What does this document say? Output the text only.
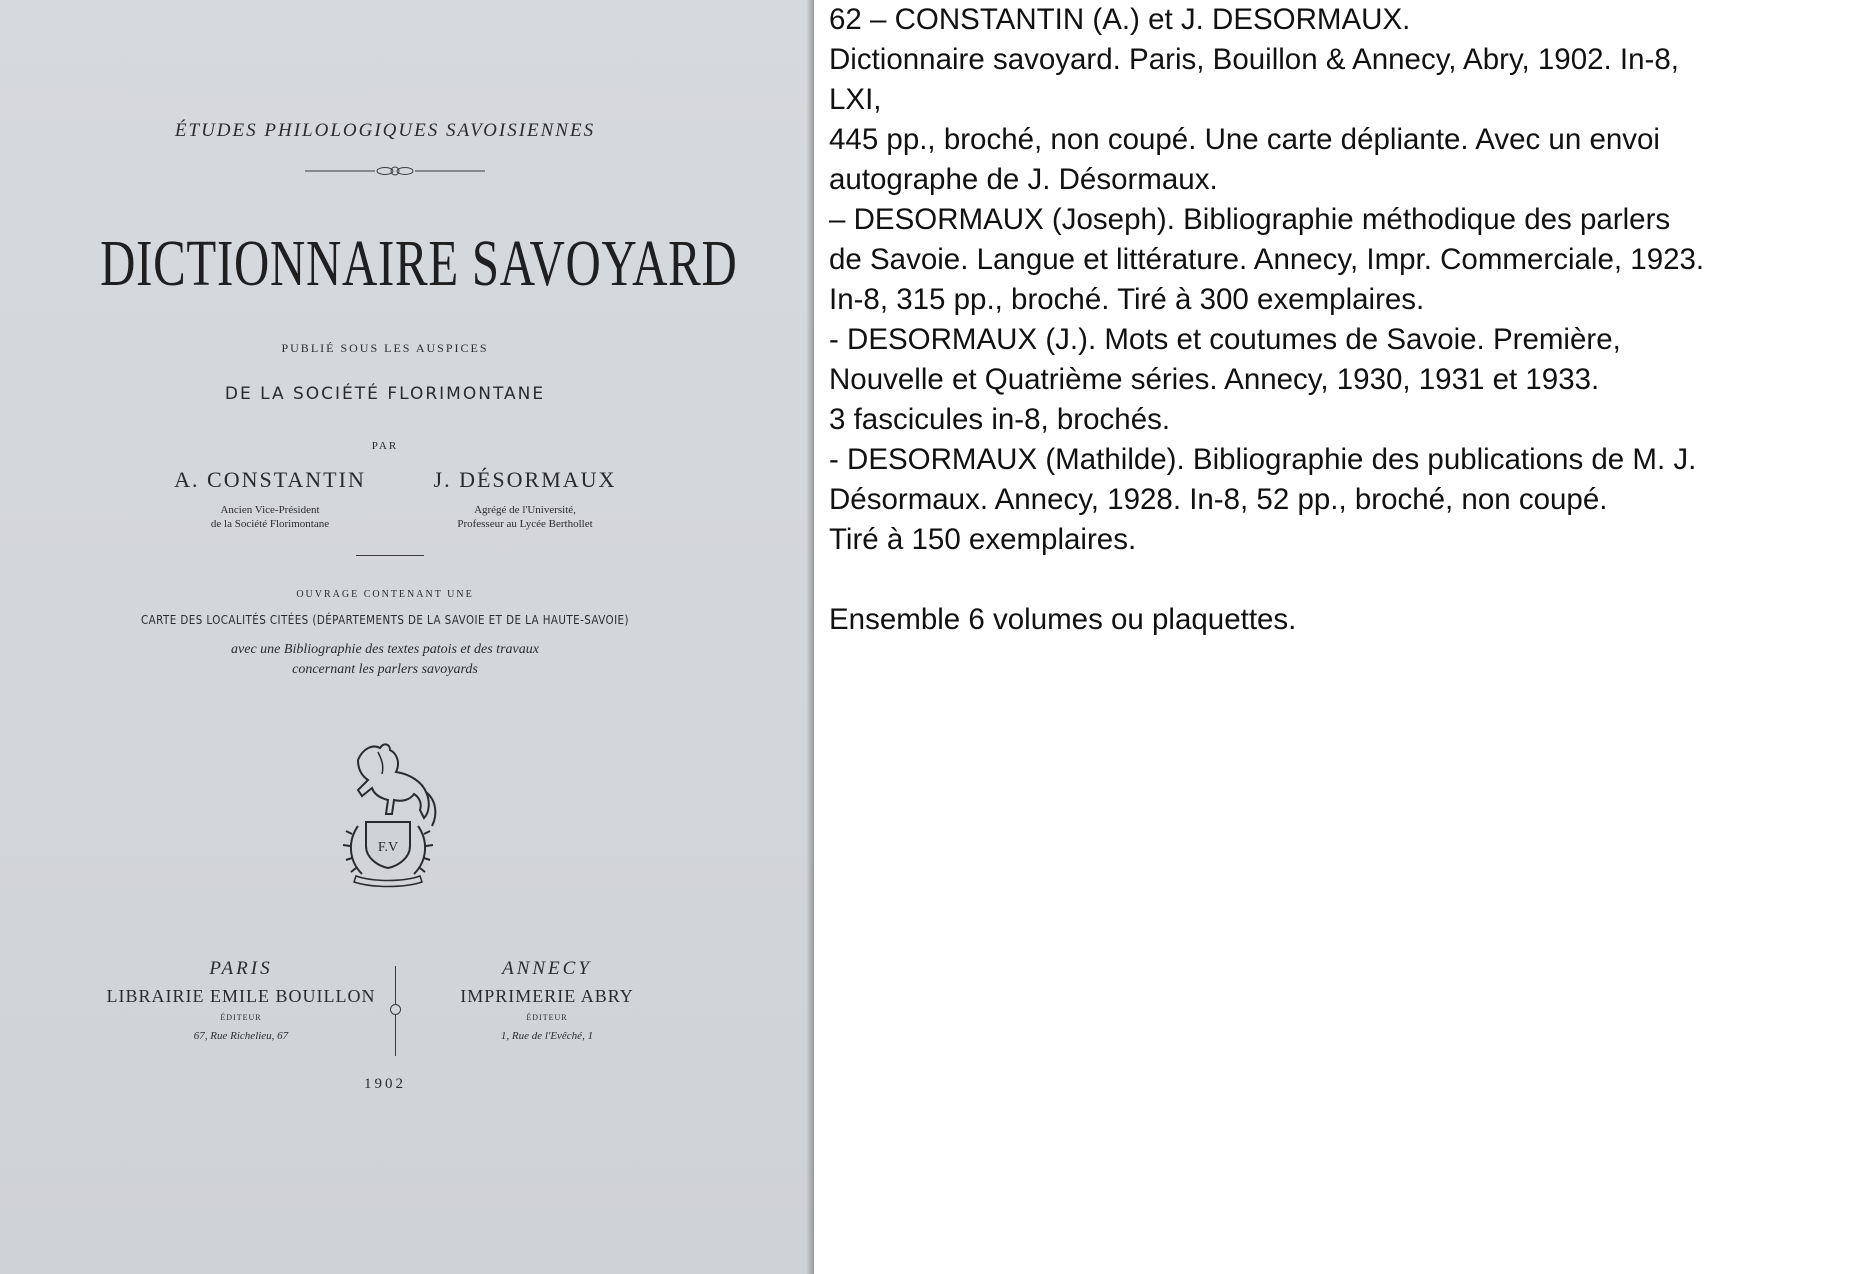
ÉTUDES PHILOLOGIQUES SAVOISIENNES
DICTIONNAIRE SAVOYARD
PUBLIÉ SOUS LES AUSPICES
DE LA SOCIÉTÉ FLORIMONTANE
PAR
A. CONSTANTIN
Ancien Vice-Président
de la Société Florimontane
J. DÉSORMAUX
Agrégé de l'Université,
Professeur au Lycée Berthollet
OUVRAGE CONTENANT UNE
CARTE DES LOCALITÉS CITÉES (DÉPARTEMENTS DE LA SAVOIE ET DE LA HAUTE-SAVOIE)
avec une Bibliographie des textes patois et des travaux
concernant les parlers savoyards
F.V
PARIS
LIBRAIRIE EMILE BOUILLON
ÉDITEUR
67, Rue Richelieu, 67
ANNECY
IMPRIMERIE ABRY
ÉDITEUR
1, Rue de l'Evêché, 1
1902
62 – CONSTANTIN (A.) et J. DESORMAUX.
Dictionnaire savoyard. Paris, Bouillon & Annecy, Abry, 1902. In-8,
LXI,
445 pp., broché, non coupé. Une carte dépliante. Avec un envoi
autographe de J. Désormaux.
– DESORMAUX (Joseph). Bibliographie méthodique des parlers
de Savoie. Langue et littérature. Annecy, Impr. Commerciale, 1923.
In-8, 315 pp., broché. Tiré à 300 exemplaires.
- DESORMAUX (J.). Mots et coutumes de Savoie. Première,
Nouvelle et Quatrième séries. Annecy, 1930, 1931 et 1933.
3 fascicules in-8, brochés.
- DESORMAUX (Mathilde). Bibliographie des publications de M. J.
Désormaux. Annecy, 1928. In-8, 52 pp., broché, non coupé.
Tiré à 150 exemplaires.
Ensemble 6 volumes ou plaquettes.
